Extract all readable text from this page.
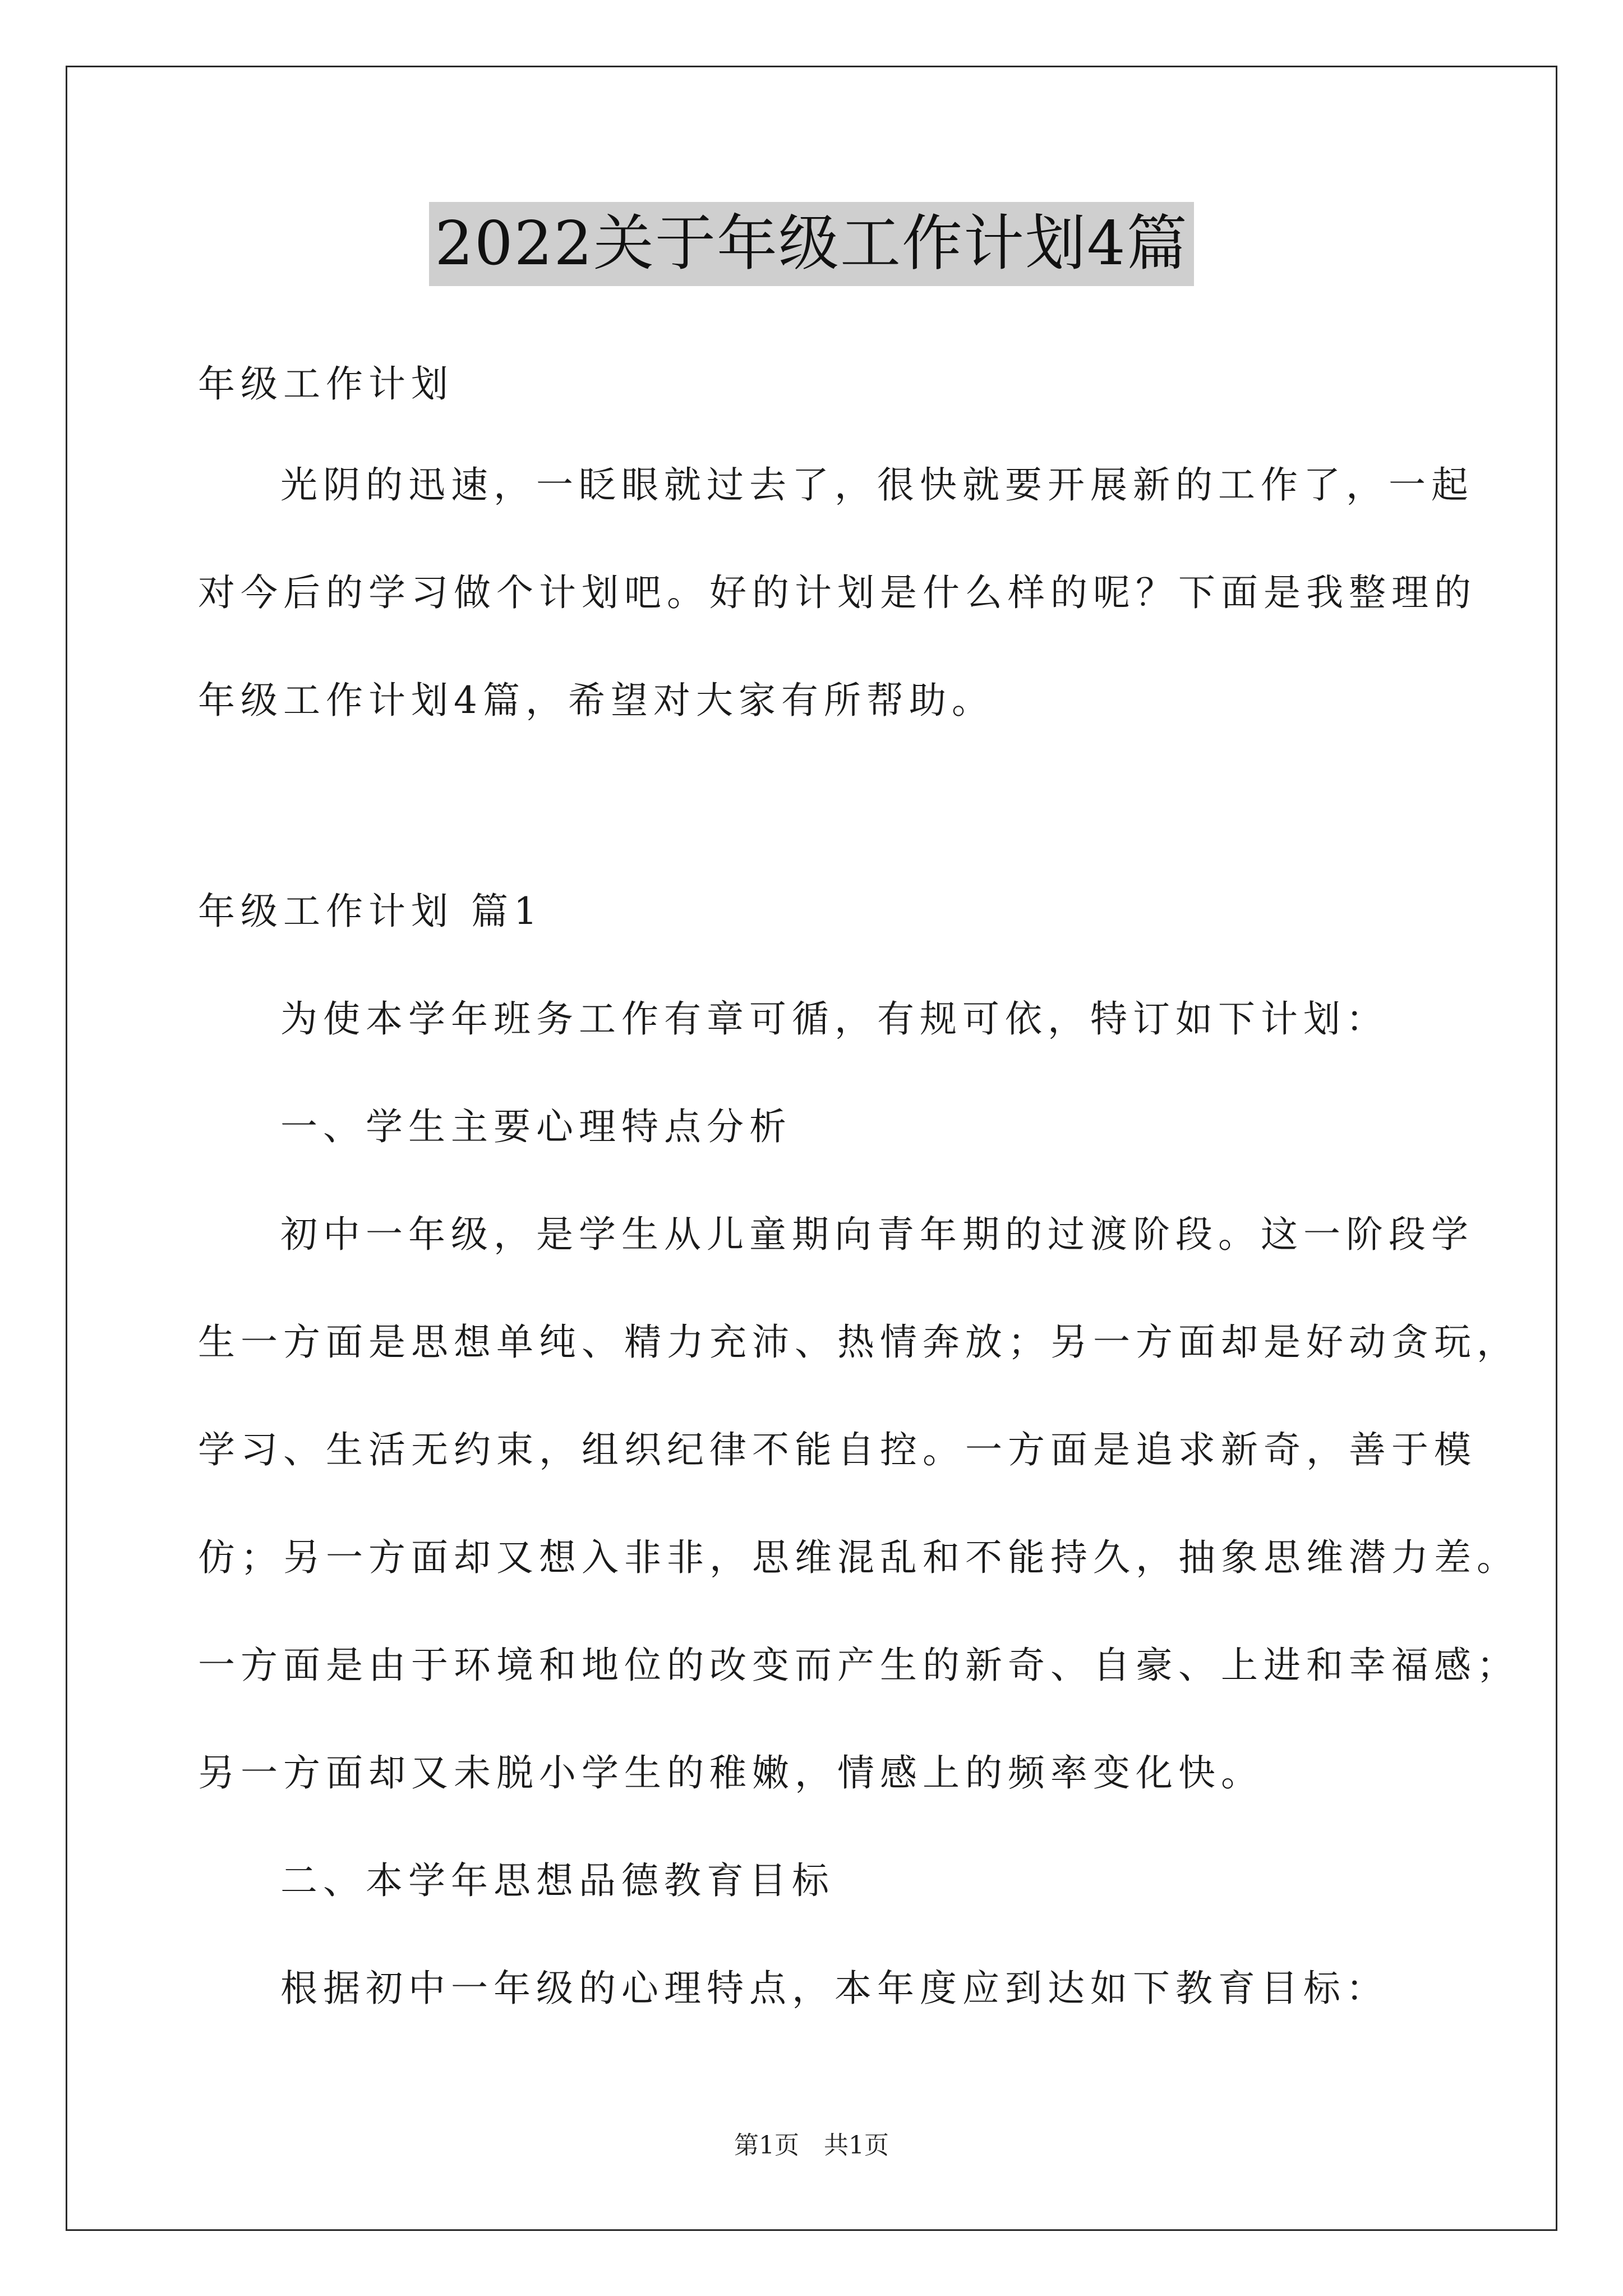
2022关于年级工作计划4篇
年级工作计划
光阴的迅速，一眨眼就过去了，很快就要开展新的工作了，一起
对今后的学习做个计划吧。好的计划是什么样的呢？下面是我整理的
年级工作计划4篇，希望对大家有所帮助。
年级工作计划 篇1
为使本学年班务工作有章可循，有规可依，特订如下计划：
一、学生主要心理特点分析
初中一年级，是学生从儿童期向青年期的过渡阶段。这一阶段学
生一方面是思想单纯、精力充沛、热情奔放；另一方面却是好动贪玩，
学习、生活无约束，组织纪律不能自控。一方面是追求新奇，善于模
仿；另一方面却又想入非非，思维混乱和不能持久，抽象思维潜力差。
一方面是由于环境和地位的改变而产生的新奇、自豪、上进和幸福感；
另一方面却又未脱小学生的稚嫩，情感上的频率变化快。
二、本学年思想品德教育目标
根据初中一年级的心理特点，本年度应到达如下教育目标：
第1页　共1页
